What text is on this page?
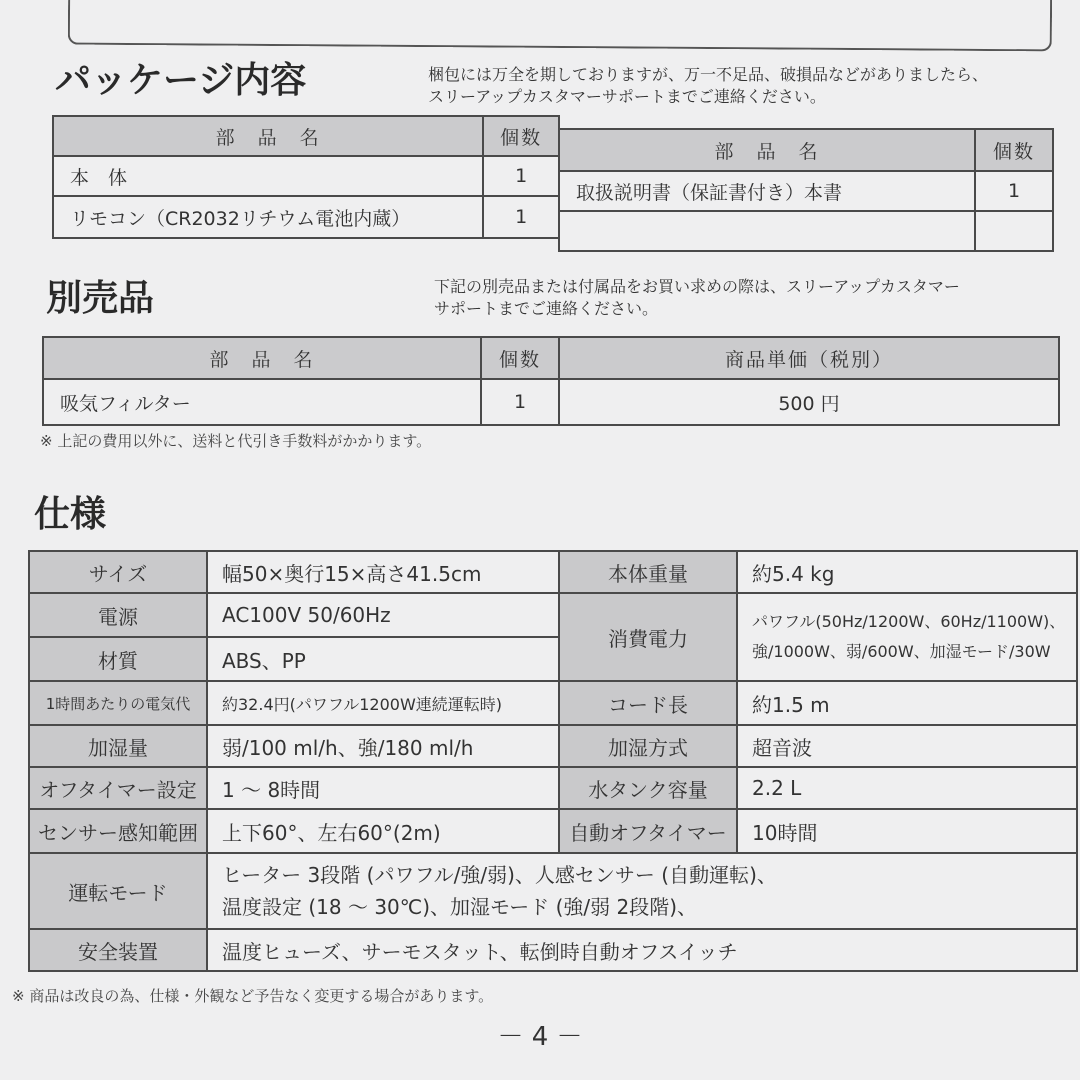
パッケージ内容	梱包には万全を期しておりますが、万一不足品、破損品などがありましたら、
スリーアップカスタマーサポートまでご連絡ください。
部　品　名	個数
本　体	1
リモコン（CR2032リチウム電池内蔵）	1
部　品　名	個数
取扱説明書（保証書付き）本書	1

別売品	下記の別売品または付属品をお買い求めの際は、スリーアップカスタマー
サポートまでご連絡ください。
部　品　名	個数	商品単価（税別）
吸気フィルター	1	500 円
※ 上記の費用以外に、送料と代引き手数料がかかります。
仕様
サイズ	幅50×奥行15×高さ41.5cm	本体重量	約5.4 kg
電源	AC100V 50/60Hz	消費電力	パワフル(50Hz/1200W、60Hz/1100W)、
強/1000W、弱/600W、加湿モード/30W

材質	ABS、PP		
1時間あたりの電気代	約32.4円(パワフル1200W連続運転時)	コード長	約1.5 m
加湿量	弱/100 ml/h、強/180 ml/h	加湿方式	超音波
オフタイマー設定	1 ～ 8時間	水タンク容量	2.2 L
センサー感知範囲	上下60°、左右60°(2m)	自動オフタイマー	10時間
運転モード	ヒーター 3段階 (パワフル/強/弱)、人感センサー (自動運転)、
温度設定 (18 ～ 30℃)、加湿モード (強/弱 2段階)、		

安全装置	温度ヒューズ、サーモスタット、転倒時自動オフスイッチ		
※ 商品は改良の為、仕様・外観など予告なく変更する場合があります。
－ 4 －
